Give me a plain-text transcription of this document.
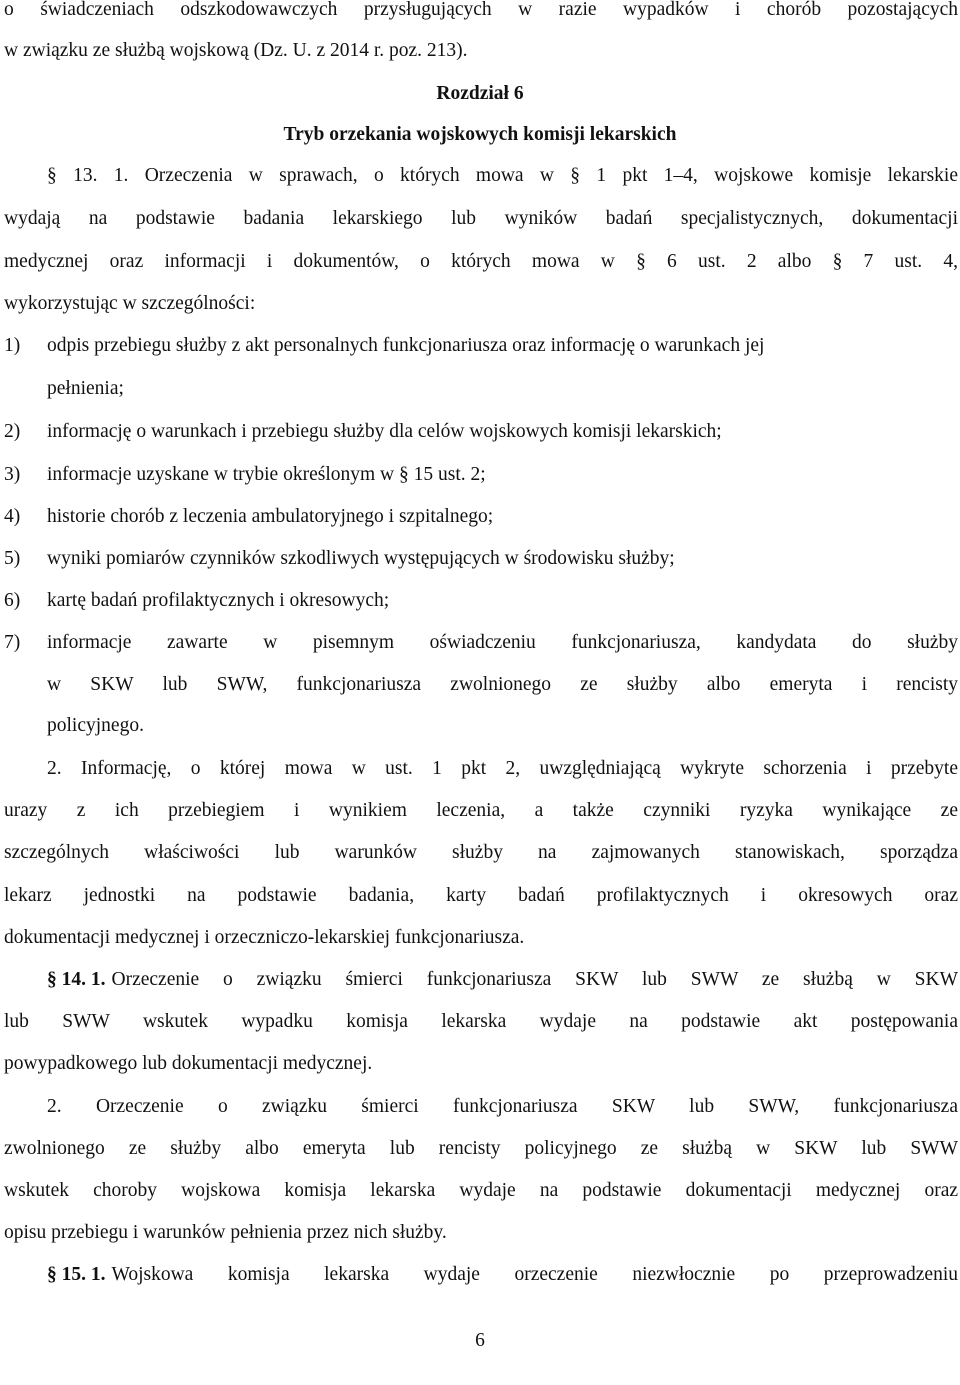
o świadczeniach odszkodowawczych przysługujących w razie wypadków i chorób pozostających
w związku ze służbą wojskową (Dz. U. z 2014 r. poz. 213).
Rozdział 6
Tryb orzekania wojskowych komisji lekarskich
§ 13. 1. Orzeczenia w sprawach, o których mowa w § 1 pkt 1–4, wojskowe komisje lekarskie
wydają na podstawie badania lekarskiego lub wyników badań specjalistycznych, dokumentacji
medycznej oraz informacji i dokumentów, o których mowa w § 6 ust. 2 albo § 7 ust. 4,
wykorzystując w szczególności:
1) odpis przebiegu służby z akt personalnych funkcjonariusza oraz informację o warunkach jej
pełnienia;
2) informację o warunkach i przebiegu służby dla celów wojskowych komisji lekarskich;
3) informacje uzyskane w trybie określonym w § 15 ust. 2;
4) historie chorób z leczenia ambulatoryjnego i szpitalnego;
5) wyniki pomiarów czynników szkodliwych występujących w środowisku służby;
6) kartę badań profilaktycznych i okresowych;
7) informacje zawarte w pisemnym oświadczeniu funkcjonariusza, kandydata do służby
w SKW lub SWW, funkcjonariusza zwolnionego ze służby albo emeryta i rencisty
policyjnego.
2. Informację, o której mowa w ust. 1 pkt 2, uwzględniającą wykryte schorzenia i przebyte
urazy z ich przebiegiem i wynikiem leczenia, a także czynniki ryzyka wynikające ze
szczególnych właściwości lub warunków służby na zajmowanych stanowiskach, sporządza
lekarz jednostki na podstawie badania, karty badań profilaktycznych i okresowych oraz
dokumentacji medycznej i orzeczniczo-lekarskiej funkcjonariusza.
§ 14. 1. Orzeczenie o związku śmierci funkcjonariusza SKW lub SWW ze służbą w SKW
lub SWW wskutek wypadku komisja lekarska wydaje na podstawie akt postępowania
powypadkowego lub dokumentacji medycznej.
2. Orzeczenie o związku śmierci funkcjonariusza SKW lub SWW, funkcjonariusza
zwolnionego ze służby albo emeryta lub rencisty policyjnego ze służbą w SKW lub SWW
wskutek choroby wojskowa komisja lekarska wydaje na podstawie dokumentacji medycznej oraz
opisu przebiegu i warunków pełnienia przez nich służby.
§ 15. 1. Wojskowa komisja lekarska wydaje orzeczenie niezwłocznie po przeprowadzeniu
6
